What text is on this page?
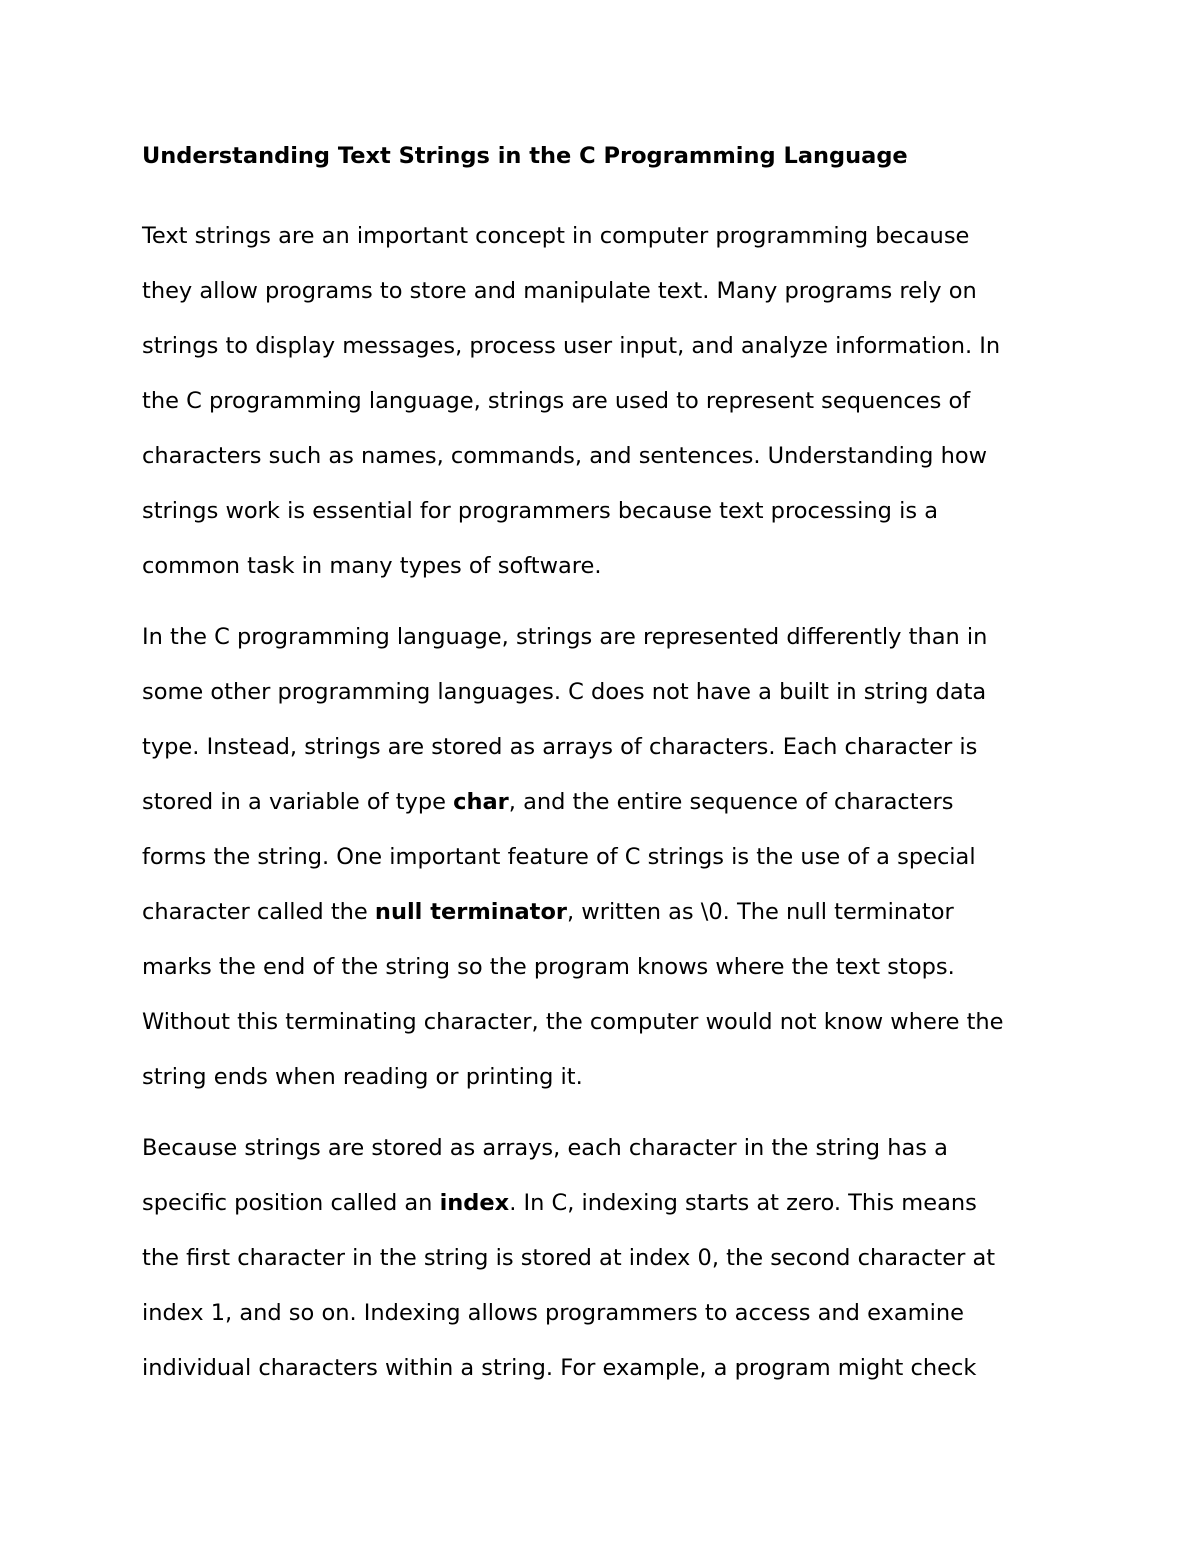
Understanding Text Strings in the C Programming Language
Text strings are an important concept in computer programming because
they allow programs to store and manipulate text. Many programs rely on
strings to display messages, process user input, and analyze information. In
the C programming language, strings are used to represent sequences of
characters such as names, commands, and sentences. Understanding how
strings work is essential for programmers because text processing is a
common task in many types of software.
In the C programming language, strings are represented differently than in
some other programming languages. C does not have a built in string data
type. Instead, strings are stored as arrays of characters. Each character is
stored in a variable of type char, and the entire sequence of characters
forms the string. One important feature of C strings is the use of a special
character called the null terminator, written as \0. The null terminator
marks the end of the string so the program knows where the text stops.
Without this terminating character, the computer would not know where the
string ends when reading or printing it.
Because strings are stored as arrays, each character in the string has a
specific position called an index. In C, indexing starts at zero. This means
the first character in the string is stored at index 0, the second character at
index 1, and so on. Indexing allows programmers to access and examine
individual characters within a string. For example, a program might check
